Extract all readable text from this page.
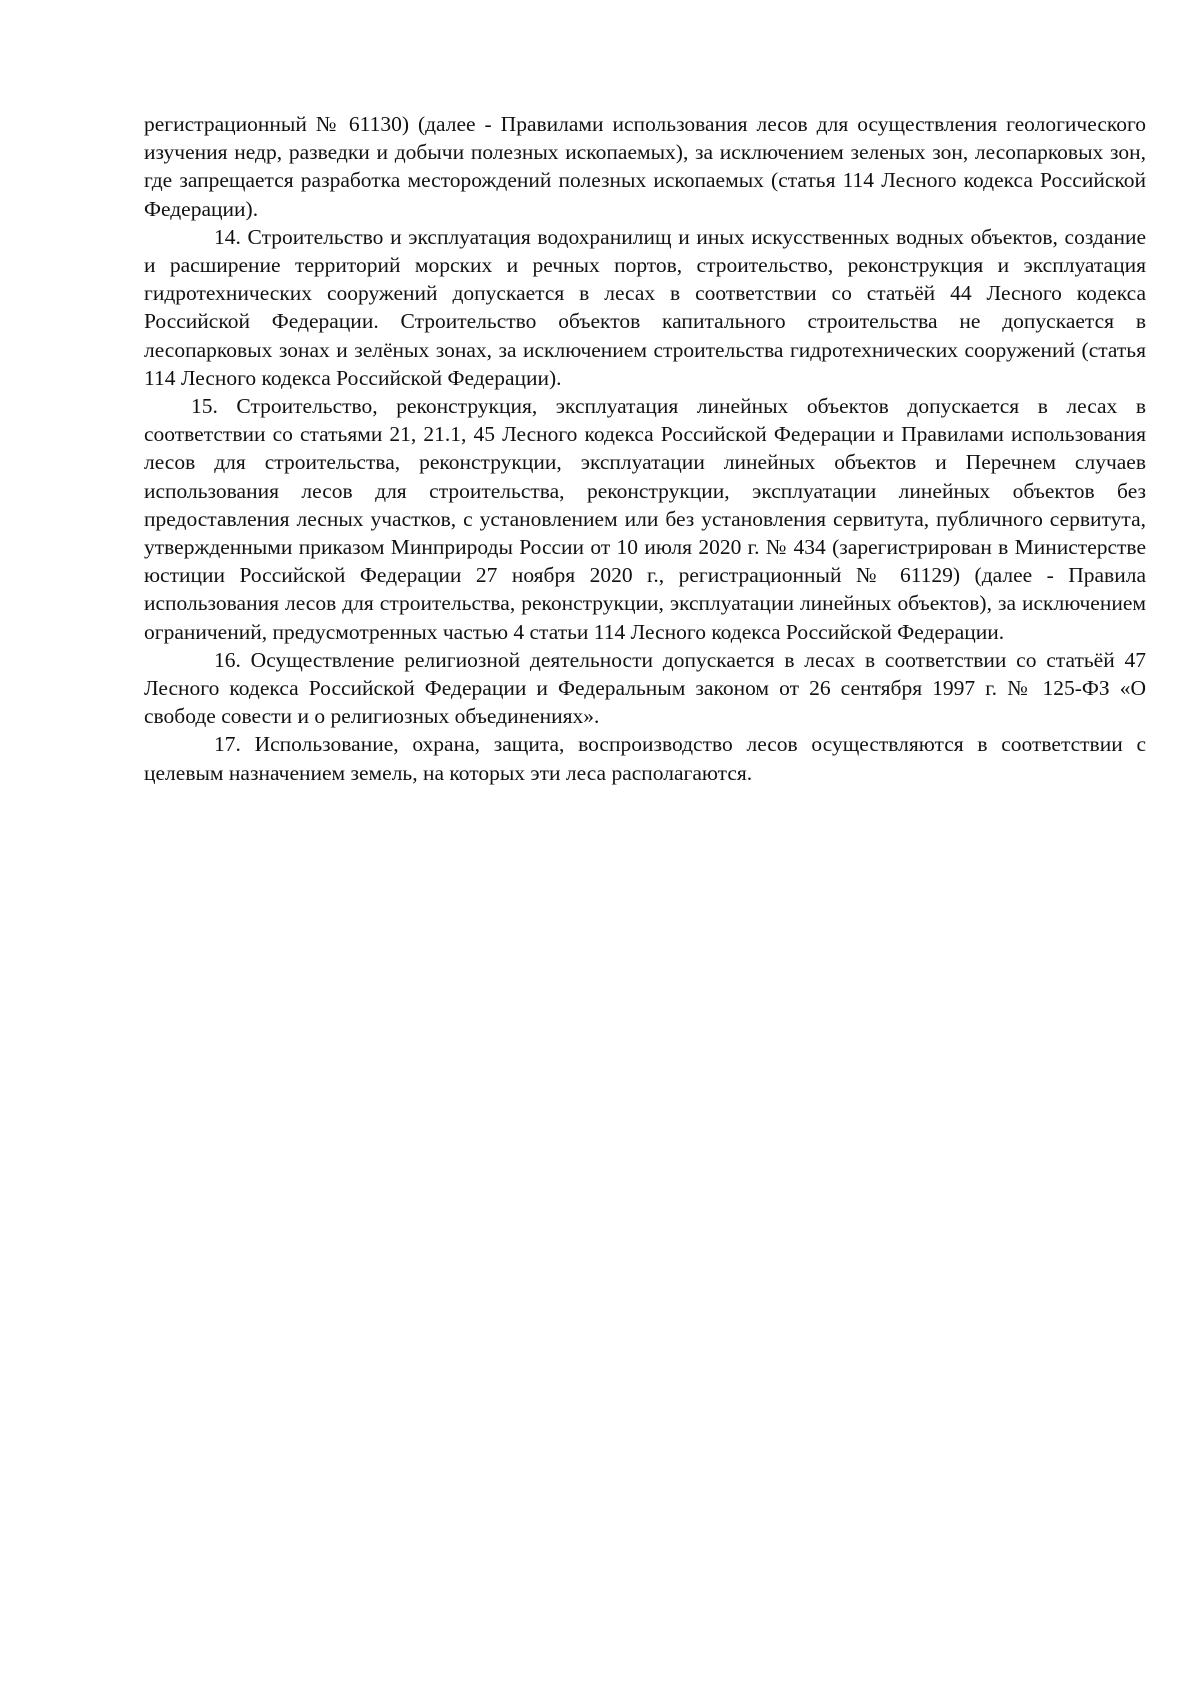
регистрационный № 61130) (далее - Правилами использования лесов для осуществления геологического изучения недр, разведки и добычи полезных ископаемых), за исключением зеленых зон, лесопарковых зон, где запрещается разработка месторождений полезных ископаемых (статья 114 Лесного кодекса Российской Федерации).

14. Строительство и эксплуатация водохранилищ и иных искусственных водных объектов, создание и расширение территорий морских и речных портов, строительство, реконструкция и эксплуатация гидротехнических сооружений допускается в лесах в соответствии со статьёй 44 Лесного кодекса Российской Федерации. Строительство объектов капитального строительства не допускается в лесопарковых зонах и зелёных зонах, за исключением строительства гидротехнических сооружений (статья 114 Лесного кодекса Российской Федерации).

15. Строительство, реконструкция, эксплуатация линейных объектов допускается в лесах в соответствии со статьями 21, 21.1, 45 Лесного кодекса Российской Федерации и Правилами использования лесов для строительства, реконструкции, эксплуатации линейных объектов и Перечнем случаев использования лесов для строительства, реконструкции, эксплуатации линейных объектов без предоставления лесных участков, с установлением или без установления сервитута, публичного сервитута, утвержденными приказом Минприроды России от 10 июля 2020 г. № 434 (зарегистрирован в Министерстве юстиции Российской Федерации 27 ноября 2020 г., регистрационный № 61129) (далее - Правила использования лесов для строительства, реконструкции, эксплуатации линейных объектов), за исключением ограничений, предусмотренных частью 4 статьи 114 Лесного кодекса Российской Федерации.

16. Осуществление религиозной деятельности допускается в лесах в соответствии со статьёй 47 Лесного кодекса Российской Федерации и Федеральным законом от 26 сентября 1997 г. № 125-ФЗ «О свободе совести и о религиозных объединениях».

17. Использование, охрана, защита, воспроизводство лесов осуществляются в соответствии с целевым назначением земель, на которых эти леса располагаются.
